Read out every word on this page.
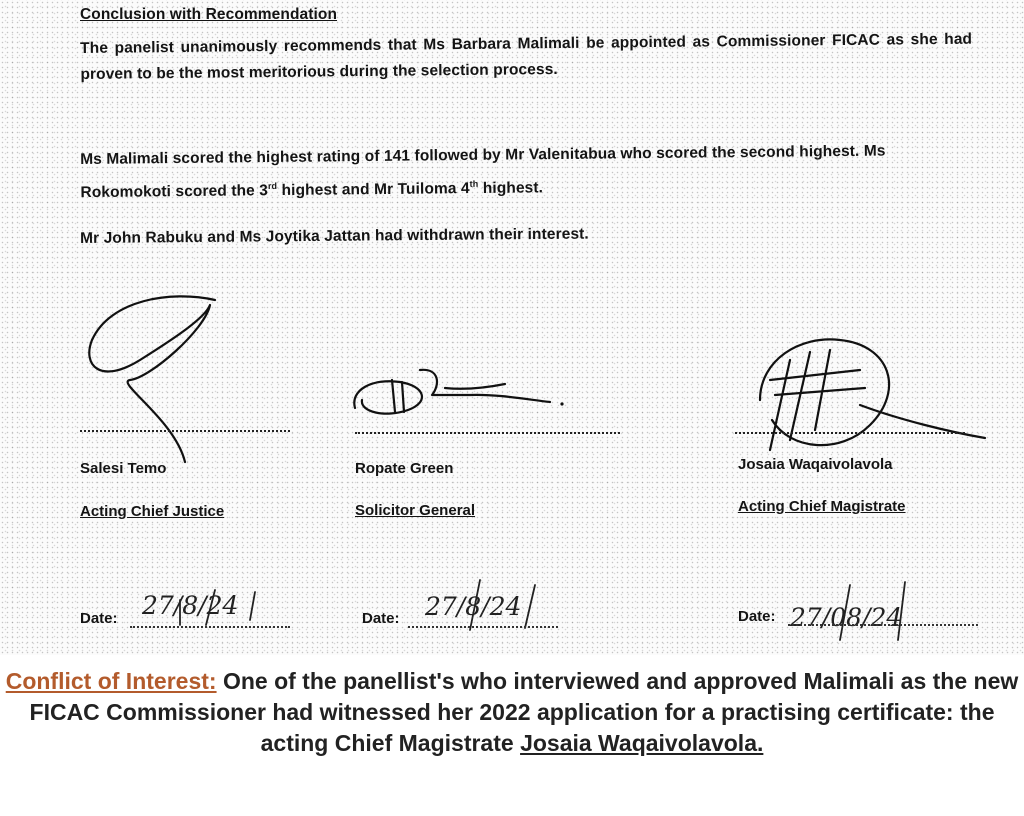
Conclusion with Recommendation
The panelist unanimously recommends that Ms Barbara Malimali be appointed as Commissioner FICAC as she had proven to be the most meritorious during the selection process.
Ms Malimali scored the highest rating of 141 followed by Mr Valenitabua who scored the second highest. Ms Rokomokoti scored the 3rd highest and Mr Tuiloma 4th highest.
Mr John Rabuku and Ms Joytika Jattan had withdrawn their interest.
27/8/24	27/8/24	27/08/24
Salesi Temo	Ropate Green	Josaia Waqaivolavola
Acting Chief Justice	Solicitor General	Acting Chief Magistrate
Date:	Date:	Date:
Conflict of Interest: One of the panellist's who interviewed and approved Malimali as the new FICAC Commissioner had witnessed her 2022 application for a practising certificate: the acting Chief Magistrate Josaia Waqaivolavola.
